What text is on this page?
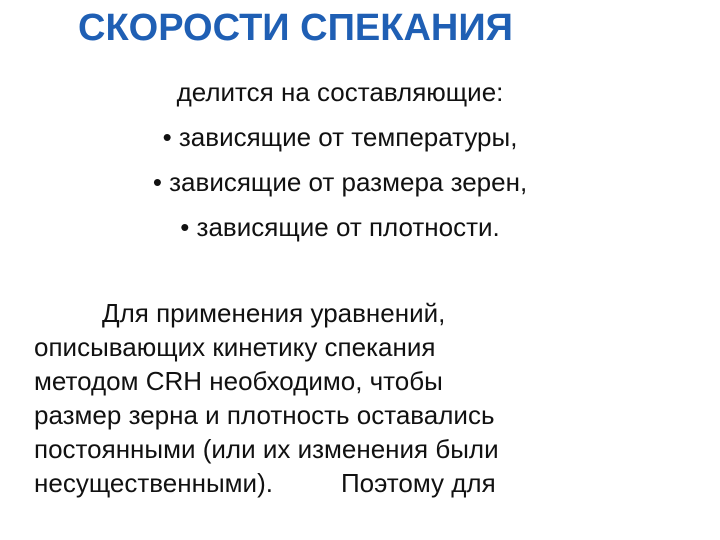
СКОРОСТИ СПЕКАНИЯ
делится на составляющие:
• зависящие от температуры,
• зависящие от размера зерен,
• зависящие от плотности.
Для применения уравнений,
описывающих кинетику спекания
методом CRH необходимо, чтобы
размер зерна и плотность оставались
постоянными (или их изменения были
несущественными).	Поэтому для
